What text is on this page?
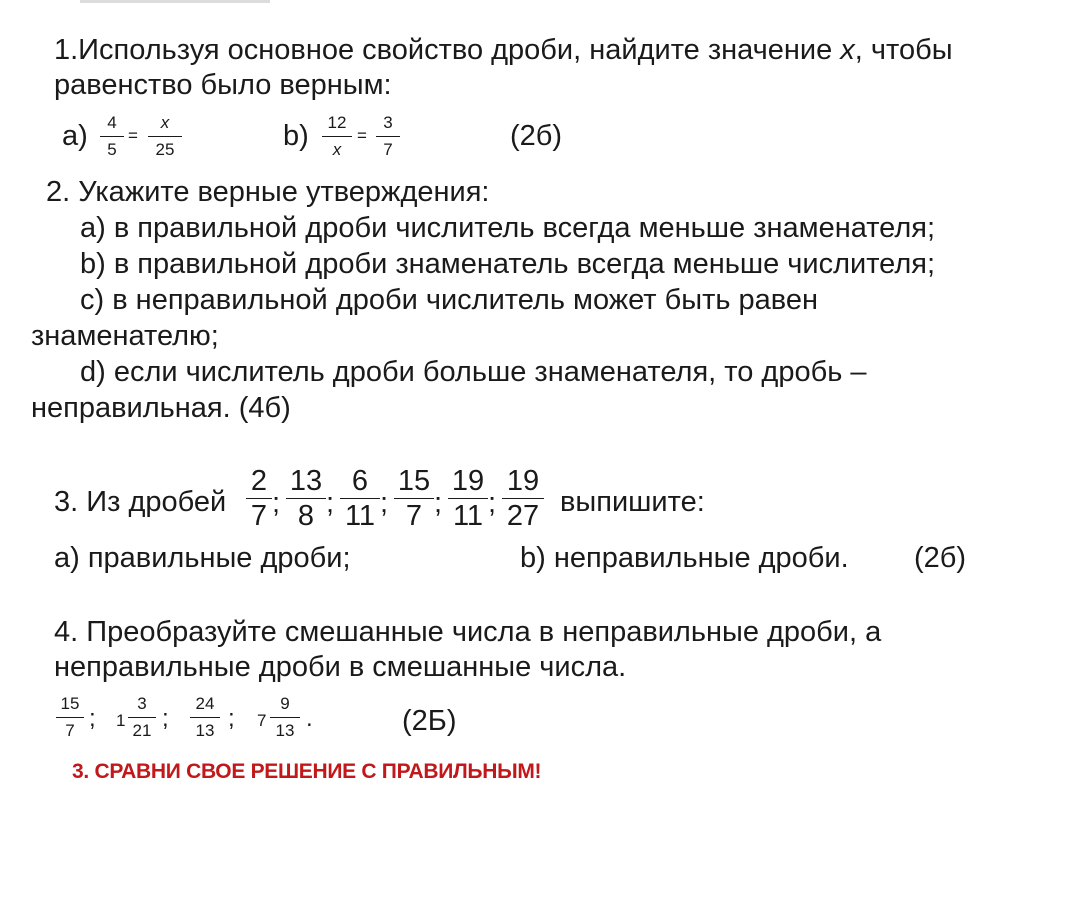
1.Используя основное свойство дроби, найдите значение x, чтобы
равенство было верным:
a)	4
5
=
x
25	b)	12
x
=
3
7	(2б)
2. Укажите верные утверждения:
a) в правильной дроби числитель всегда меньше знаменателя;
b) в правильной дроби знаменатель всегда меньше числителя;
c) в неправильной дроби числитель может быть равен
знаменателю;
d) если числитель дроби больше знаменателя, то дробь –
неправильная. (4б)
3. Из дробей
2
7 ;
13
8 ;
6
11 ;
15
7 ;
19
11 ;
19
27 выпишите:
a) правильные дроби;	b) неправильные дроби. (2б)
4. Преобразуйте смешанные числа в неправильные дроби, а
неправильные дроби в смешанные числа.
15
7 ; 1
3
21 ;
24
13 ; 7
9
13 .	(2Б)
3. СРАВНИ СВОЕ РЕШЕНИЕ С ПРАВИЛЬНЫМ!
